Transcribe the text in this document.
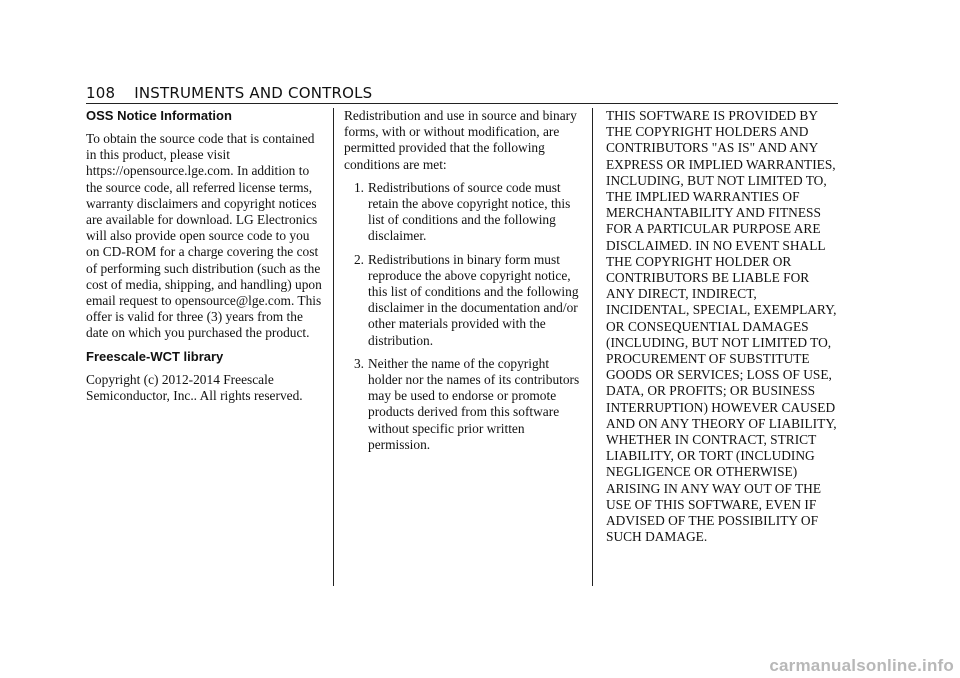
108 INSTRUMENTS AND CONTROLS
OSS Notice Information

To obtain the source code that is contained in this product, please visit https://opensource.lge.com. In addition to the source code, all referred license terms, warranty disclaimers and copyright notices are available for download. LG Electronics will also provide open source code to you on CD-ROM for a charge covering the cost of performing such distribution (such as the cost of media, shipping, and handling) upon email request to opensource@lge.com. This offer is valid for three (3) years from the date on which you purchased the product.

Freescale-WCT library

Copyright (c) 2012-2014 Freescale Semiconductor, Inc.. All rights reserved.

Redistribution and use in source and binary forms, with or without modification, are permitted provided that the following conditions are met:

1. Redistributions of source code must retain the above copyright notice, this list of conditions and the following disclaimer.
2. Redistributions in binary form must reproduce the above copyright notice, this list of conditions and the following disclaimer in the documentation and/or other materials provided with the distribution.
3. Neither the name of the copyright holder nor the names of its contributors may be used to endorse or promote products derived from this software without specific prior written permission.

THIS SOFTWARE IS PROVIDED BY THE COPYRIGHT HOLDERS AND CONTRIBUTORS "AS IS" AND ANY EXPRESS OR IMPLIED WARRANTIES, INCLUDING, BUT NOT LIMITED TO, THE IMPLIED WARRANTIES OF MERCHANTABILITY AND FITNESS FOR A PARTICULAR PURPOSE ARE DISCLAIMED. IN NO EVENT SHALL THE COPYRIGHT HOLDER OR CONTRIBUTORS BE LIABLE FOR ANY DIRECT, INDIRECT, INCIDENTAL, SPECIAL, EXEMPLARY, OR CONSEQUENTIAL DAMAGES (INCLUDING, BUT NOT LIMITED TO, PROCUREMENT OF SUBSTITUTE GOODS OR SERVICES; LOSS OF USE, DATA, OR PROFITS; OR BUSINESS INTERRUPTION) HOWEVER CAUSED AND ON ANY THEORY OF LIABILITY, WHETHER IN CONTRACT, STRICT LIABILITY, OR TORT (INCLUDING NEGLIGENCE OR OTHERWISE) ARISING IN ANY WAY OUT OF THE USE OF THIS SOFTWARE, EVEN IF ADVISED OF THE POSSIBILITY OF SUCH DAMAGE.

carmanualsonline.info
